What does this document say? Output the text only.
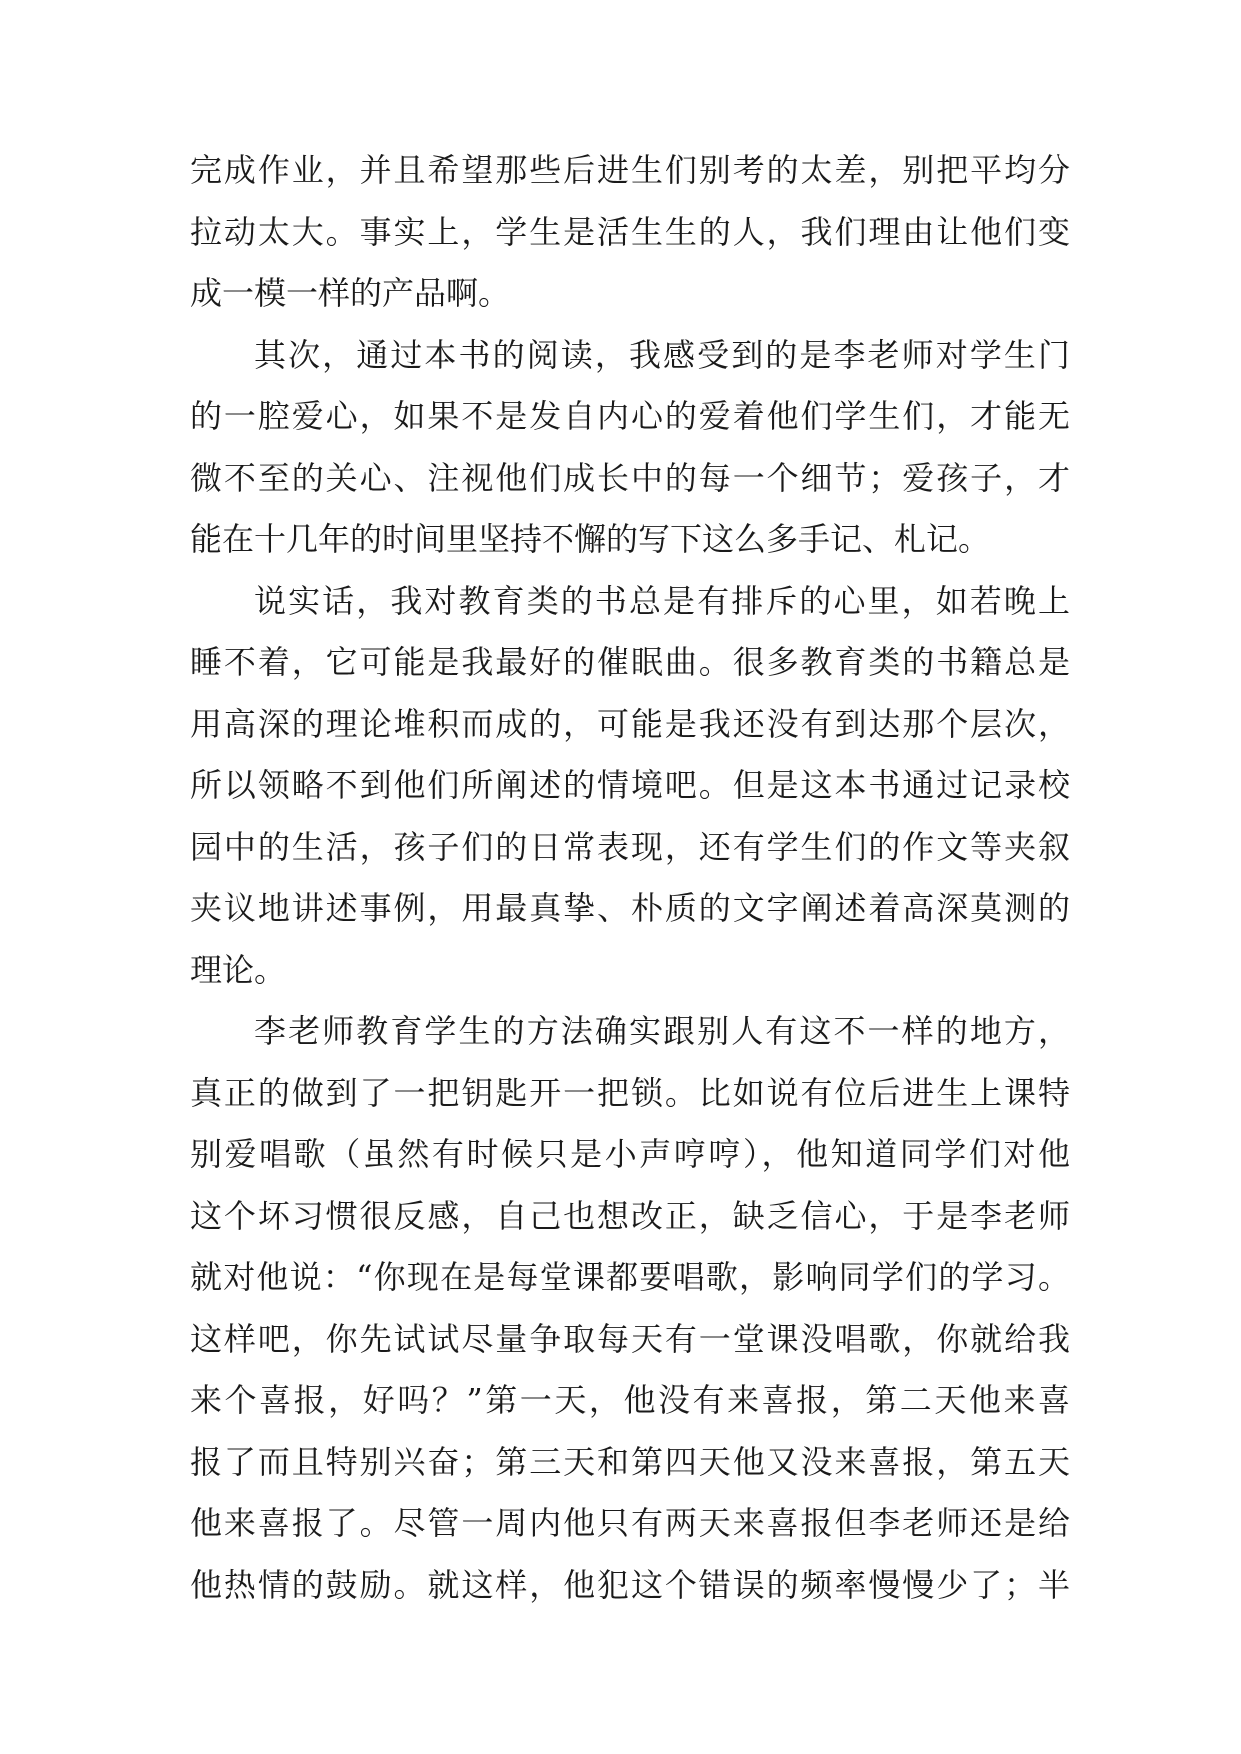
完成作业，并且希望那些后进生们别考的太差，别把平均分
拉动太大。事实上，学生是活生生的人，我们理由让他们变
成一模一样的产品啊。
其次，通过本书的阅读，我感受到的是李老师对学生门
的一腔爱心，如果不是发自内心的爱着他们学生们，才能无
微不至的关心、注视他们成长中的每一个细节；爱孩子，才
能在十几年的时间里坚持不懈的写下这么多手记、札记。
说实话，我对教育类的书总是有排斥的心里，如若晚上
睡不着，它可能是我最好的催眠曲。很多教育类的书籍总是
用高深的理论堆积而成的，可能是我还没有到达那个层次，
所以领略不到他们所阐述的情境吧。但是这本书通过记录校
园中的生活，孩子们的日常表现，还有学生们的作文等夹叙
夹议地讲述事例，用最真挚、朴质的文字阐述着高深莫测的
理论。
李老师教育学生的方法确实跟别人有这不一样的地方，
真正的做到了一把钥匙开一把锁。比如说有位后进生上课特
别爱唱歌（虽然有时候只是小声哼哼），他知道同学们对他
这个坏习惯很反感，自己也想改正，缺乏信心，于是李老师
就对他说：“你现在是每堂课都要唱歌，影响同学们的学习。
这样吧，你先试试尽量争取每天有一堂课没唱歌，你就给我
来个喜报，好吗？”第一天，他没有来喜报，第二天他来喜
报了而且特别兴奋；第三天和第四天他又没来喜报，第五天
他来喜报了。尽管一周内他只有两天来喜报但李老师还是给
他热情的鼓励。就这样，他犯这个错误的频率慢慢少了；半
